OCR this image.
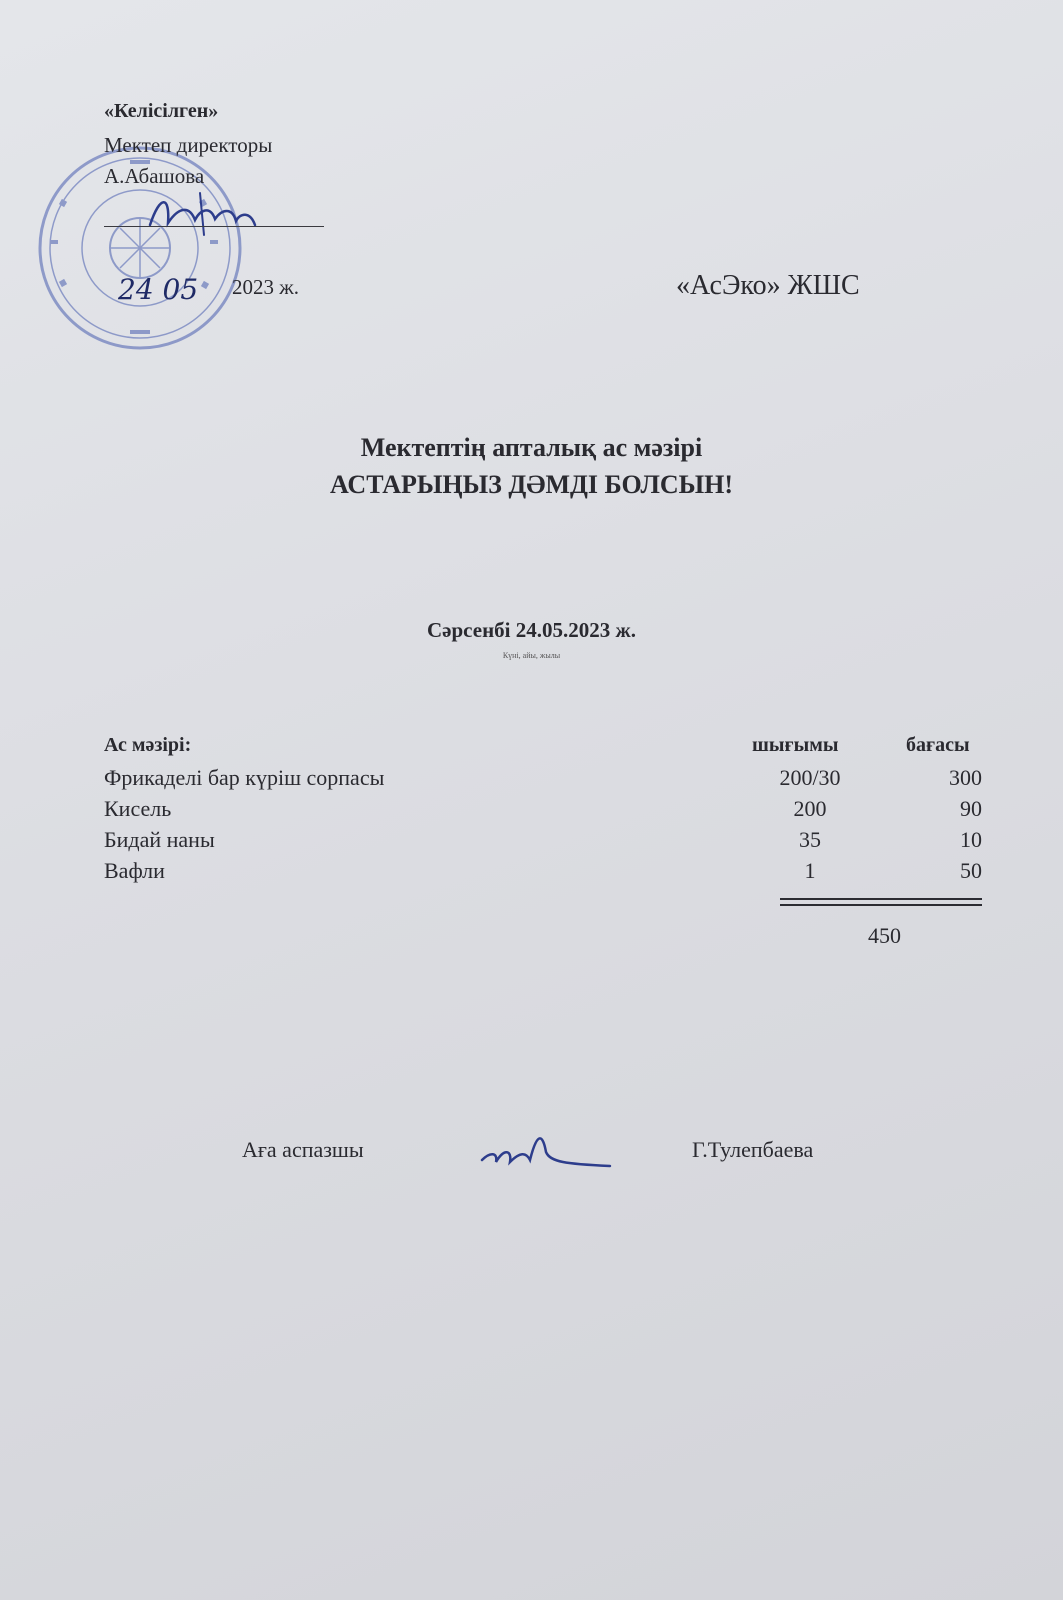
24 05
«Келісілген»
Мектеп директоры
А.Абашова
2023 ж.	«АсЭко» ЖШС
Мектептің апталық ас мәзірі
АСТАРЫҢЫЗ ДӘМДІ БОЛСЫН!
Сәрсенбі 24.05.2023 ж.
Күні, айы, жылы
Ас мәзірі:	шығымы	бағасы
Фрикаделі бар күріш сорпасы	200/30	300
Кисель	200	90
Бидай наны	35	10
Вафли	1	50
450
Аға аспазшы	Г.Тулепбаева
